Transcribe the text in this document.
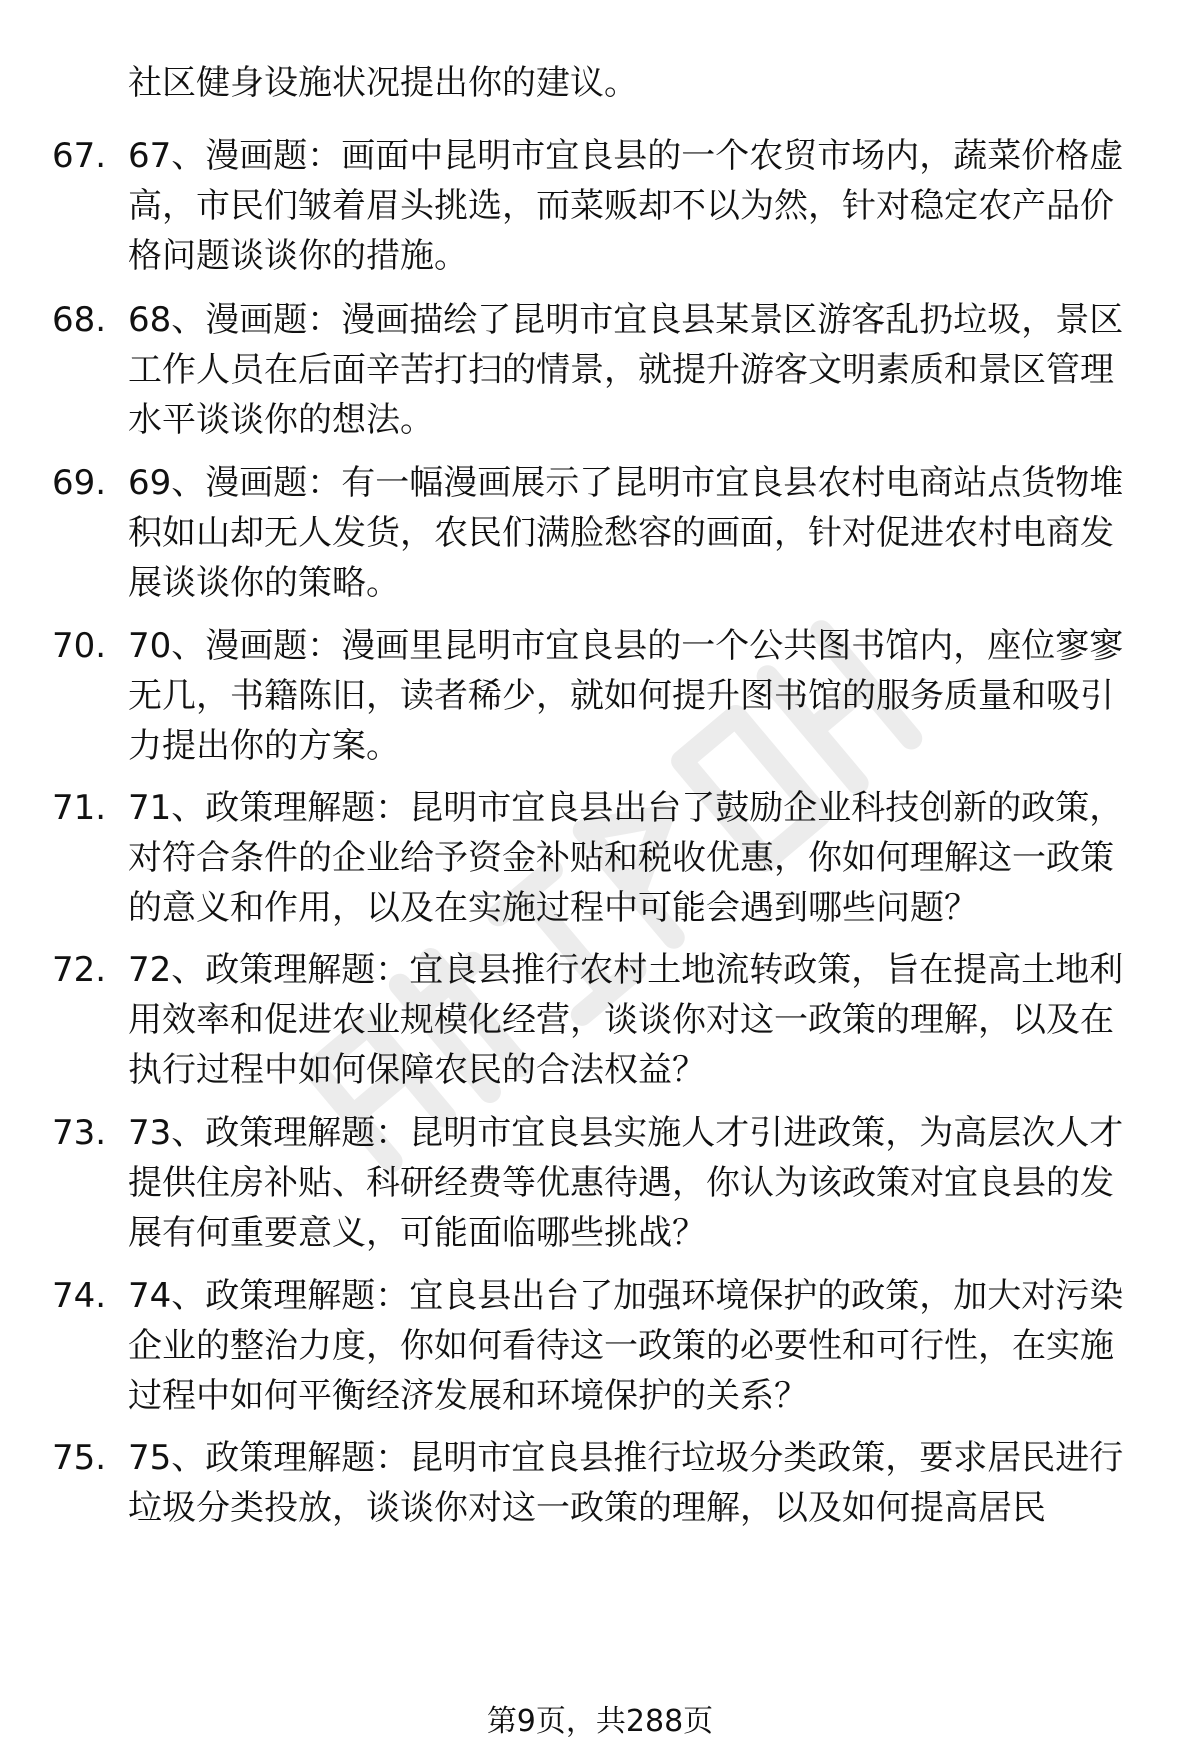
社区健身设施状况提出你的建议。

67. 67、漫画题：画面中昆明市宜良县的一个农贸市场内，蔬菜价格虚高，市民们皱着眉头挑选，而菜贩却不以为然，针对稳定农产品价格问题谈谈你的措施。
68. 68、漫画题：漫画描绘了昆明市宜良县某景区游客乱扔垃圾，景区工作人员在后面辛苦打扫的情景，就提升游客文明素质和景区管理水平谈谈你的想法。
69. 69、漫画题：有一幅漫画展示了昆明市宜良县农村电商站点货物堆积如山却无人发货，农民们满脸愁容的画面，针对促进农村电商发展谈谈你的策略。
70. 70、漫画题：漫画里昆明市宜良县的一个公共图书馆内，座位寥寥无几，书籍陈旧，读者稀少，就如何提升图书馆的服务质量和吸引力提出你的方案。
71. 71、政策理解题：昆明市宜良县出台了鼓励企业科技创新的政策，对符合条件的企业给予资金补贴和税收优惠，你如何理解这一政策的意义和作用，以及在实施过程中可能会遇到哪些问题？
72. 72、政策理解题：宜良县推行农村土地流转政策，旨在提高土地利用效率和促进农业规模化经营，谈谈你对这一政策的理解，以及在执行过程中如何保障农民的合法权益？
73. 73、政策理解题：昆明市宜良县实施人才引进政策，为高层次人才提供住房补贴、科研经费等优惠待遇，你认为该政策对宜良县的发展有何重要意义，可能面临哪些挑战？
74. 74、政策理解题：宜良县出台了加强环境保护的政策，加大对污染企业的整治力度，你如何看待这一政策的必要性和可行性，在实施过程中如何平衡经济发展和环境保护的关系？
75. 75、政策理解题：昆明市宜良县推行垃圾分类政策，要求居民进行垃圾分类投放，谈谈你对这一政策的理解，以及如何提高居民
第9页，共288页
